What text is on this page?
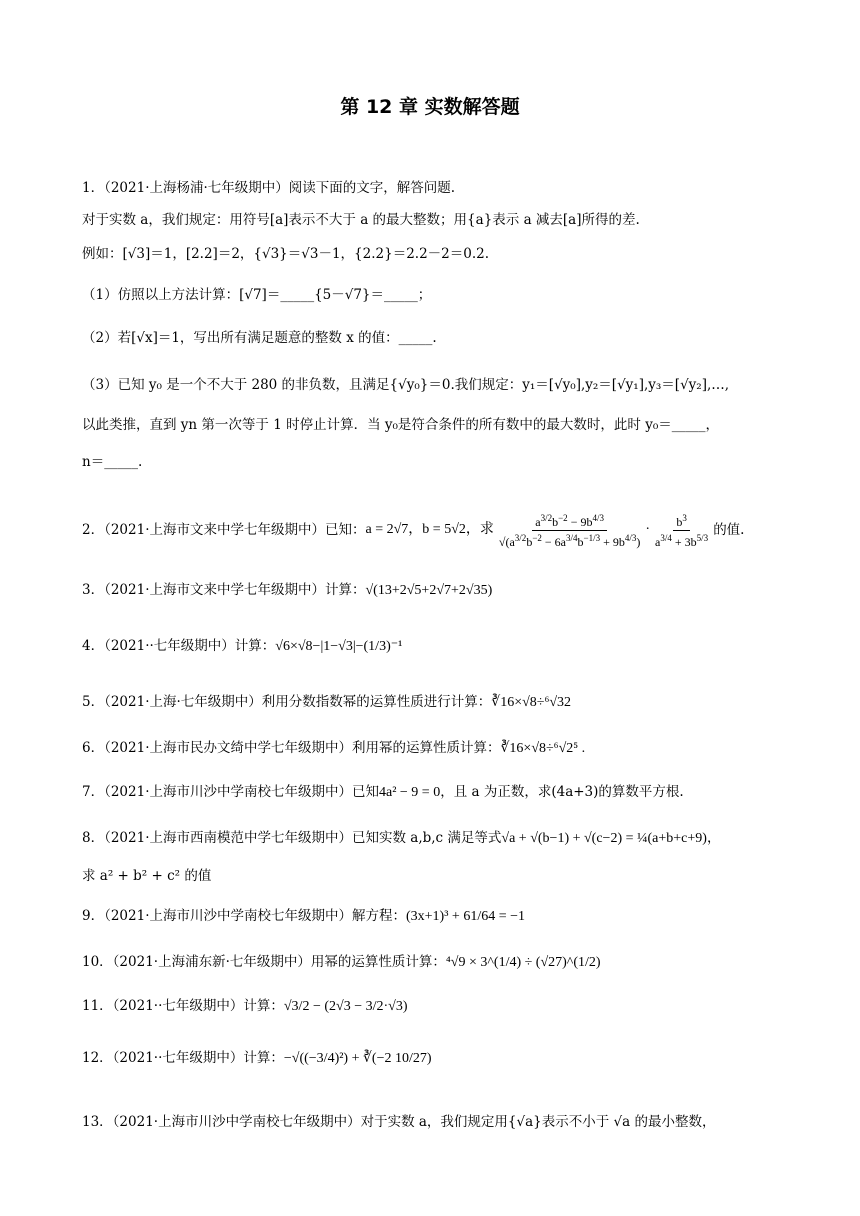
第 12 章 实数解答题
1．（2021·上海杨浦·七年级期中）阅读下面的文字，解答问题.
对于实数 a，我们规定：用符号[a]表示不大于 a 的最大整数；用{a}表示 a 减去[a]所得的差.
例如：[√3]＝1，[2.2]＝2，{√3}＝√3－1，{2.2}＝2.2－2＝0.2.
（1）仿照以上方法计算：[√7]＝_____{5－√7}＝_____；
（2）若[√x]＝1，写出所有满足题意的整数 x 的值：_____.
（3）已知 y₀ 是一个不大于 280 的非负数，且满足{√y₀}＝0.我们规定：y₁＝[√y₀],y₂＝[√y₁],y₃＝[√y₂],…,
以此类推，直到 yn 第一次等于 1 时停止计算．当 y₀是符合条件的所有数中的最大数时，此时 y₀＝_____，
n＝_____.
2．（2021·上海市文来中学七年级期中）已知： a = 2√7，b = 5√2，求 $\frac{a^{3/2}b^{-2} - 9b^{4/3}}{√(a^{3/2}b^{-2} - 6a^{3/4}b^{-1/3} + 9b^{4/3})} \cdot \frac{b^3}{a^{3/4} + 3b^{5/3}}$ 的值.
3．（2021·上海市文来中学七年级期中）计算：√(13+2√5+2√7+2√35)
4．（2021··七年级期中）计算：√6×√8−|1−√3|−(1/3)⁻¹
5．（2021·上海·七年级期中）利用分数指数幂的运算性质进行计算：∛16×√8÷⁶√32
6．（2021·上海市民办文绮中学七年级期中）利用幂的运算性质计算：∛16×√8÷⁶√2⁵ .
7．（2021·上海市川沙中学南校七年级期中）已知4a² − 9 = 0，且 a 为正数，求(4a+3)的算数平方根.
8．（2021·上海市西南模范中学七年级期中）已知实数 a,b,c 满足等式√a + √(b−1) + √(c−2) = ¼(a+b+c+9)，
求 a² + b² + c² 的值
9．（2021·上海市川沙中学南校七年级期中）解方程：(3x+1)³ + 61/64 = −1
10．（2021·上海浦东新·七年级期中）用幂的运算性质计算：⁴√9 × 3^(1/4) ÷ (√27)^(1/2)
11．（2021··七年级期中）计算：√3/2 − (2√3 − 3/2·√3)
12．（2021··七年级期中）计算：−√((−3/4)²) + ∛(−2 10/27)
13．（2021·上海市川沙中学南校七年级期中）对于实数 a，我们规定用{√a}表示不小于 √a 的最小整数，
